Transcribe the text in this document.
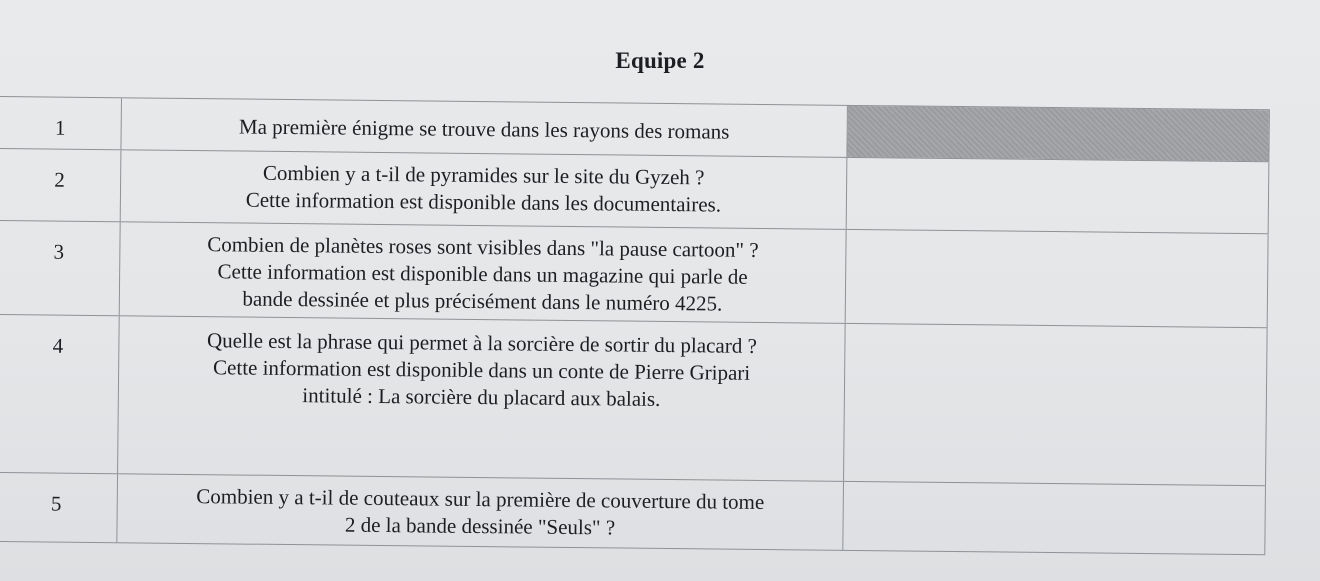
Equipe 2
1	Ma première énigme se trouve dans les rayons des romans
2	Combien y a t-il de pyramides sur le site du Gyzeh ?
Cette information est disponible dans les documentaires.
3	Combien de planètes roses sont visibles dans "la pause cartoon" ?
Cette information est disponible dans un magazine qui parle de
bande dessinée et plus précisément dans le numéro 4225.
4	Quelle est la phrase qui permet à la sorcière de sortir du placard ?
Cette information est disponible dans un conte de Pierre Gripari
intitulé : La sorcière du placard aux balais.
5	Combien y a t-il de couteaux sur la première de couverture du tome
2 de la bande dessinée "Seuls" ?
